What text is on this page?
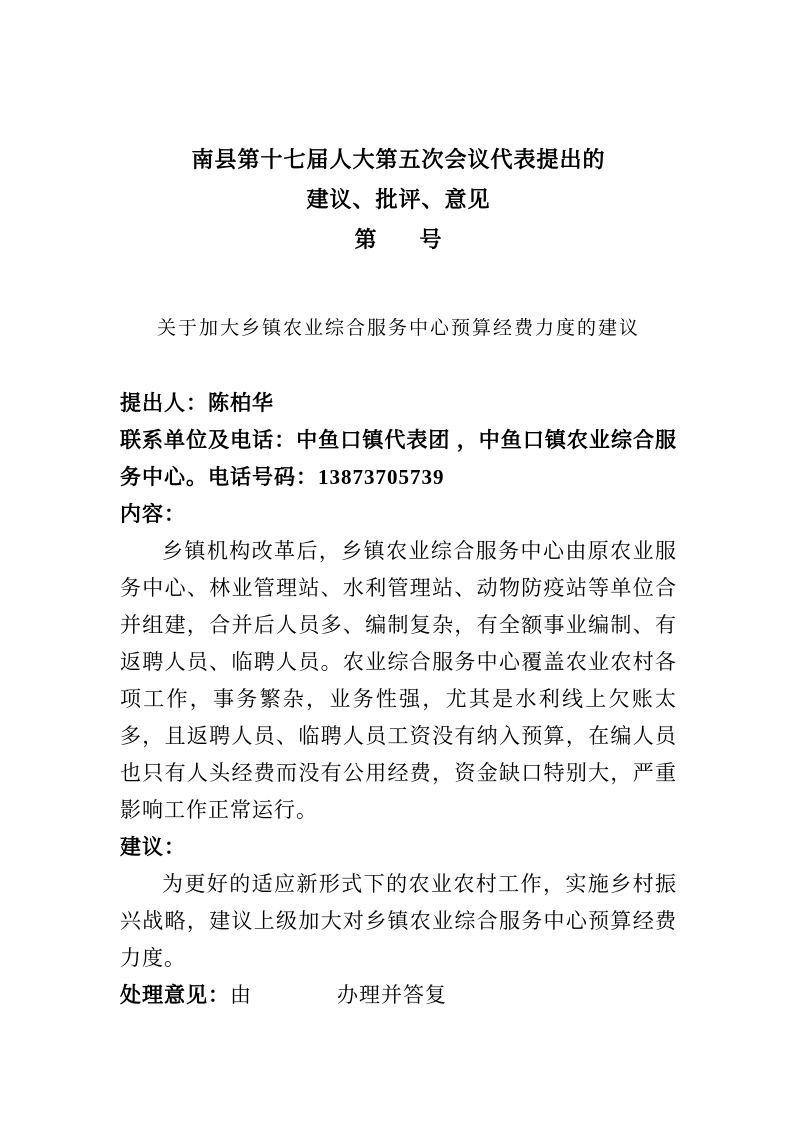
南县第十七届人大第五次会议代表提出的
建议、批评、意见
第 号
关于加大乡镇农业综合服务中心预算经费力度的建议

提出人：陈柏华

联系单位及电话：中鱼口镇代表团 ，中鱼口镇农业综合服务中心。电话号码：13873705739

内容：

乡镇机构改革后，乡镇农业综合服务中心由原农业服务中心、林业管理站、水利管理站、动物防疫站等单位合并组建，合并后人员多、编制复杂，有全额事业编制、有返聘人员、临聘人员。农业综合服务中心覆盖农业农村各项工作，事务繁杂，业务性强，尤其是水利线上欠账太多，且返聘人员、临聘人员工资没有纳入预算，在编人员也只有人头经费而没有公用经费，资金缺口特别大，严重影响工作正常运行。

建议：

为更好的适应新形式下的农业农村工作，实施乡村振兴战略，建议上级加大对乡镇农业综合服务中心预算经费力度。

处理意见：由	办理并答复
